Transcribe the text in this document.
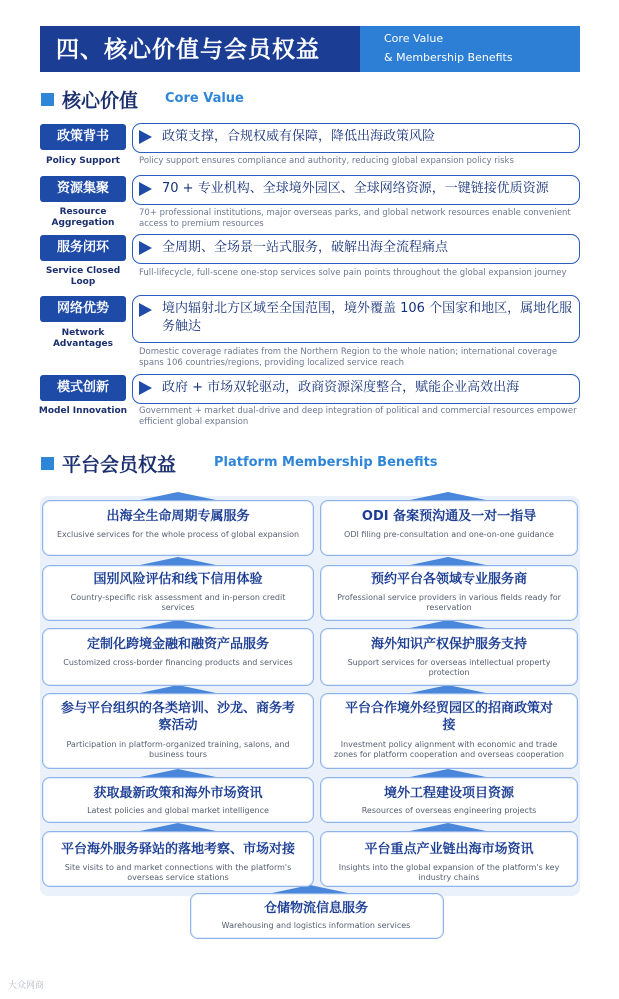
四、核心价值与会员权益	Core Value
& Membership Benefits
核心价值 Core Value
政策背书
Policy Support
政策支撑，合规权威有保障，降低出海政策风险
Policy support ensures compliance and authority, reducing global expansion policy risks
资源集聚
Resource Aggregation
70 + 专业机构、全球境外园区、全球网络资源，一键链接优质资源
70+ professional institutions, major overseas parks, and global network resources enable convenient access to premium resources
服务闭环
Service Closed Loop
全周期、全场景一站式服务，破解出海全流程痛点
Full-lifecycle, full-scene one-stop services solve pain points throughout the global expansion journey
网络优势
Network Advantages
境内辐射北方区域至全国范围，境外覆盖 106 个国家和地区，属地化服务触达
Domestic coverage radiates from the Northern Region to the whole nation; international coverage spans 106 countries/regions, providing localized service reach
模式创新
Model Innovation
政府 + 市场双轮驱动，政商资源深度整合，赋能企业高效出海
Government + market dual-drive and deep integration of political and commercial resources empower efficient global expansion
平台会员权益	Platform Membership Benefits
出海全生命周期专属服务
Exclusive services for the whole process of global expansion
国别风险评估和线下信用体验
Country-specific risk assessment and in-person credit services
定制化跨境金融和融资产品服务
Customized cross-border financing products and services
参与平台组织的各类培训、沙龙、商务考察活动
Participation in platform-organized training, salons, and business tours
获取最新政策和海外市场资讯
Latest policies and global market intelligence
平台海外服务驿站的落地考察、市场对接
Site visits to and market connections with the platform's overseas service stations
ODI 备案预沟通及一对一指导
ODI filing pre-consultation and one-on-one guidance
预约平台各领域专业服务商
Professional service providers in various fields ready for reservation
海外知识产权保护服务支持
Support services for overseas intellectual property protection
平台合作境外经贸园区的招商政策对接
Investment policy alignment with economic and trade zones for platform cooperation and overseas cooperation
境外工程建设项目资源
Resources of overseas engineering projects
平台重点产业链出海市场资讯
Insights into the global expansion of the platform's key industry chains
仓储物流信息服务
Warehousing and logistics information services
大众网商
